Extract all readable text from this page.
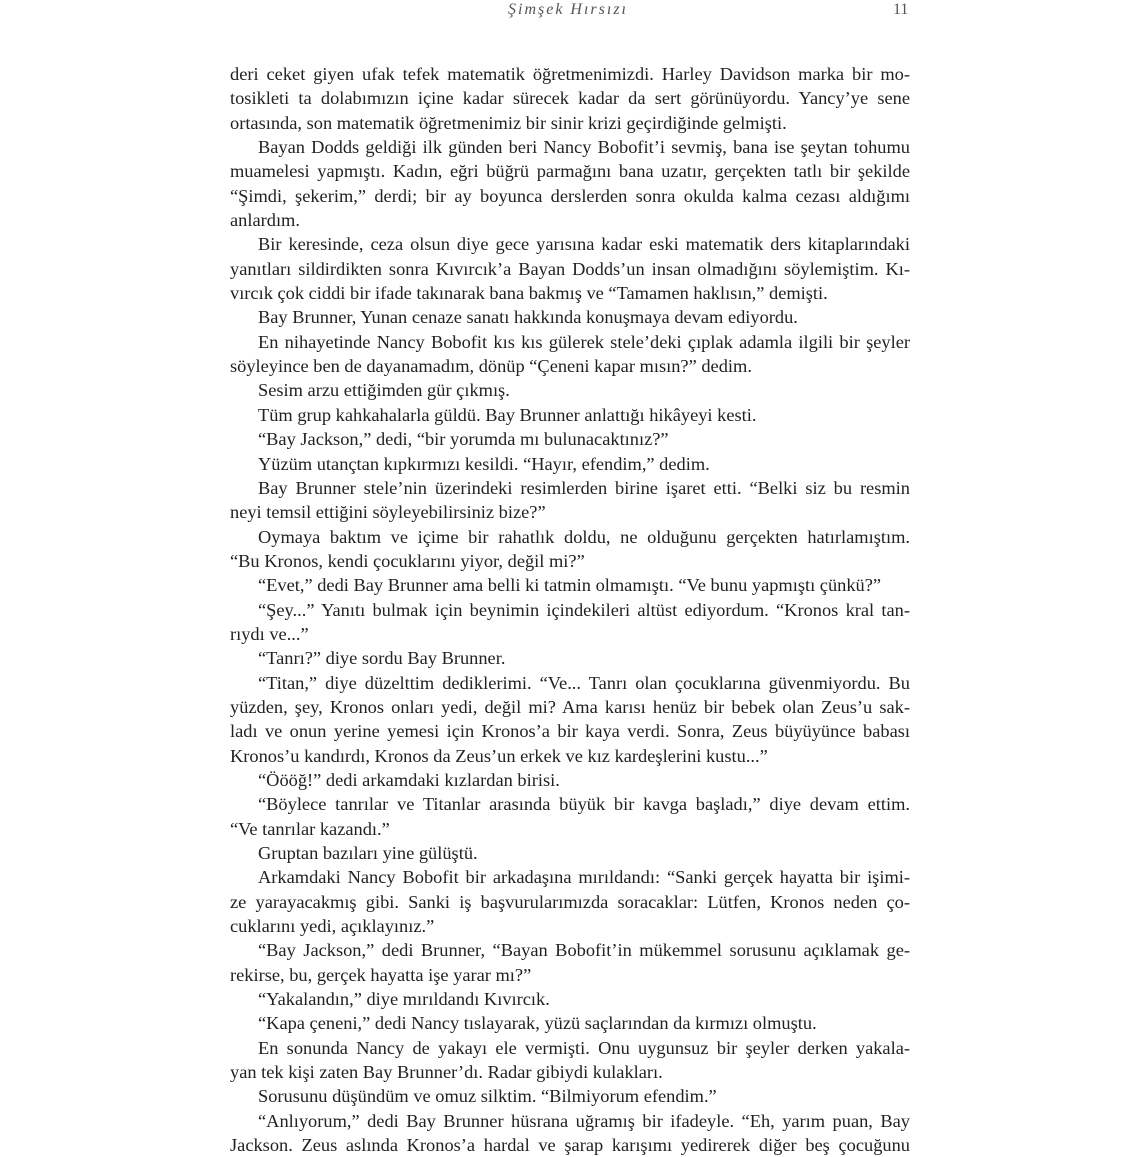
Şimşek Hırsızı	11
deri ceket giyen ufak tefek matematik öğretmenimizdi. Harley Davidson marka bir mo-
tosikleti ta dolabımızın içine kadar sürecek kadar da sert görünüyordu. Yancy’ye sene
ortasında, son matematik öğretmenimiz bir sinir krizi geçirdiğinde gelmişti.
Bayan Dodds geldiği ilk günden beri Nancy Bobofit’i sevmiş, bana ise şeytan tohumu
muamelesi yapmıştı. Kadın, eğri büğrü parmağını bana uzatır, gerçekten tatlı bir şekilde
“Şimdi, şekerim,” derdi; bir ay boyunca derslerden sonra okulda kalma cezası aldığımı
anlardım.
Bir keresinde, ceza olsun diye gece yarısına kadar eski matematik ders kitaplarındaki
yanıtları sildirdikten sonra Kıvırcık’a Bayan Dodds’un insan olmadığını söylemiştim. Kı-
vırcık çok ciddi bir ifade takınarak bana bakmış ve “Tamamen haklısın,” demişti.
Bay Brunner, Yunan cenaze sanatı hakkında konuşmaya devam ediyordu.
En nihayetinde Nancy Bobofit kıs kıs gülerek stele’deki çıplak adamla ilgili bir şeyler
söyleyince ben de dayanamadım, dönüp “Çeneni kapar mısın?” dedim.
Sesim arzu ettiğimden gür çıkmış.
Tüm grup kahkahalarla güldü. Bay Brunner anlattığı hikâyeyi kesti.
“Bay Jackson,” dedi, “bir yorumda mı bulunacaktınız?”
Yüzüm utançtan kıpkırmızı kesildi. “Hayır, efendim,” dedim.
Bay Brunner stele’nin üzerindeki resimlerden birine işaret etti. “Belki siz bu resmin
neyi temsil ettiğini söyleyebilirsiniz bize?”
Oymaya baktım ve içime bir rahatlık doldu, ne olduğunu gerçekten hatırlamıştım.
“Bu Kronos, kendi çocuklarını yiyor, değil mi?”
“Evet,” dedi Bay Brunner ama belli ki tatmin olmamıştı. “Ve bunu yapmıştı çünkü?”
“Şey...” Yanıtı bulmak için beynimin içindekileri altüst ediyordum. “Kronos kral tan-
rıydı ve...”
“Tanrı?” diye sordu Bay Brunner.
“Titan,” diye düzelttim dediklerimi. “Ve... Tanrı olan çocuklarına güvenmiyordu. Bu
yüzden, şey, Kronos onları yedi, değil mi? Ama karısı henüz bir bebek olan Zeus’u sak-
ladı ve onun yerine yemesi için Kronos’a bir kaya verdi. Sonra, Zeus büyüyünce babası
Kronos’u kandırdı, Kronos da Zeus’un erkek ve kız kardeşlerini kustu...”
“Öööğ!” dedi arkamdaki kızlardan birisi.
“Böylece tanrılar ve Titanlar arasında büyük bir kavga başladı,” diye devam ettim.
“Ve tanrılar kazandı.”
Gruptan bazıları yine gülüştü.
Arkamdaki Nancy Bobofit bir arkadaşına mırıldandı: “Sanki gerçek hayatta bir işimi-
ze yarayacakmış gibi. Sanki iş başvurularımızda soracaklar: Lütfen, Kronos neden ço-
cuklarını yedi, açıklayınız.”
“Bay Jackson,” dedi Brunner, “Bayan Bobofit’in mükemmel sorusunu açıklamak ge-
rekirse, bu, gerçek hayatta işe yarar mı?”
“Yakalandın,” diye mırıldandı Kıvırcık.
“Kapa çeneni,” dedi Nancy tıslayarak, yüzü saçlarından da kırmızı olmuştu.
En sonunda Nancy de yakayı ele vermişti. Onu uygunsuz bir şeyler derken yakala-
yan tek kişi zaten Bay Brunner’dı. Radar gibiydi kulakları.
Sorusunu düşündüm ve omuz silktim. “Bilmiyorum efendim.”
“Anlıyorum,” dedi Bay Brunner hüsrana uğramış bir ifadeyle. “Eh, yarım puan, Bay
Jackson. Zeus aslında Kronos’a hardal ve şarap karışımı yedirerek diğer beş çocuğunu
